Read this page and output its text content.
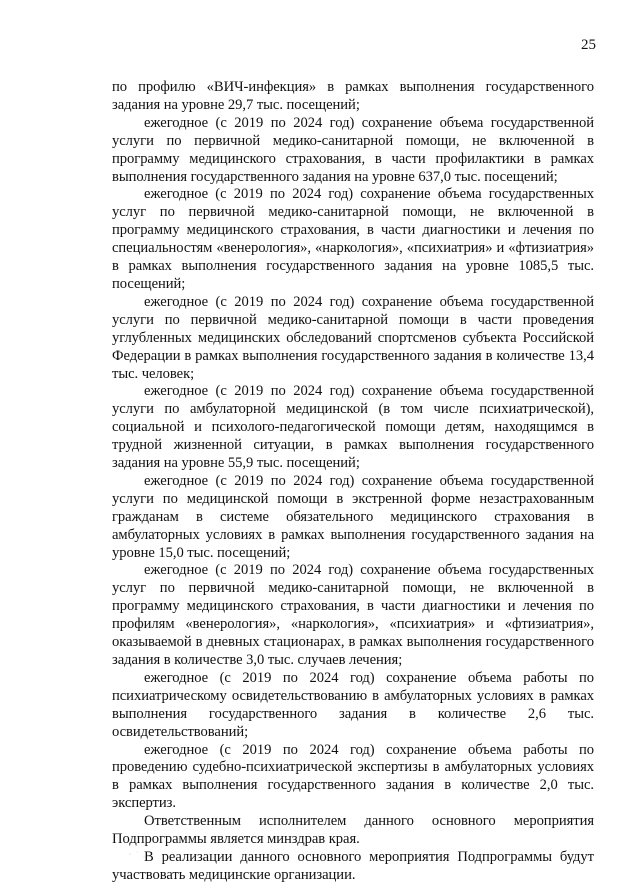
25

по профилю «ВИЧ-инфекция» в рамках выполнения государственного задания на уровне 29,7 тыс. посещений;

ежегодное (с 2019 по 2024 год) сохранение объема государственной услуги по первичной медико-санитарной помощи, не включенной в программу медицинского страхования, в части профилактики в рамках выполнения государственного задания на уровне 637,0 тыс. посещений;

ежегодное (с 2019 по 2024 год) сохранение объема государственных услуг по первичной медико-санитарной помощи, не включенной в программу медицинского страхования, в части диагностики и лечения по специальностям «венерология», «наркология», «психиатрия» и «фтизиатрия» в рамках выполнения государственного задания на уровне 1085,5 тыс. посещений;

ежегодное (с 2019 по 2024 год) сохранение объема государственной услуги по первичной медико-санитарной помощи в части проведения углубленных медицинских обследований спортсменов субъекта Российской Федерации в рамках выполнения государственного задания в количестве 13,4 тыс. человек;

ежегодное (с 2019 по 2024 год) сохранение объема государственной услуги по амбулаторной медицинской (в том числе психиатрической), социальной и психолого-педагогической помощи детям, находящимся в трудной жизненной ситуации, в рамках выполнения государственного задания на уровне 55,9 тыс. посещений;

ежегодное (с 2019 по 2024 год) сохранение объема государственной услуги по медицинской помощи в экстренной форме незастрахованным гражданам в системе обязательного медицинского страхования в амбулаторных условиях в рамках выполнения государственного задания на уровне 15,0 тыс. посещений;

ежегодное (с 2019 по 2024 год) сохранение объема государственных услуг по первичной медико-санитарной помощи, не включенной в программу медицинского страхования, в части диагностики и лечения по профилям «венерология», «наркология», «психиатрия» и «фтизиатрия», оказываемой в дневных стационарах, в рамках выполнения государственного задания в количестве 3,0 тыс. случаев лечения;

ежегодное (с 2019 по 2024 год) сохранение объема работы по психиатрическому освидетельствованию в амбулаторных условиях в рамках выполнения государственного задания в количестве 2,6 тыс. освидетельствований;

ежегодное (с 2019 по 2024 год) сохранение объема работы по проведению судебно-психиатрической экспертизы в амбулаторных условиях в рамках выполнения государственного задания в количестве 2,0 тыс. экспертиз.

Ответственным исполнителем данного основного мероприятия Подпрограммы является минздрав края.

В реализации данного основного мероприятия Подпрограммы будут участвовать медицинские организации.
